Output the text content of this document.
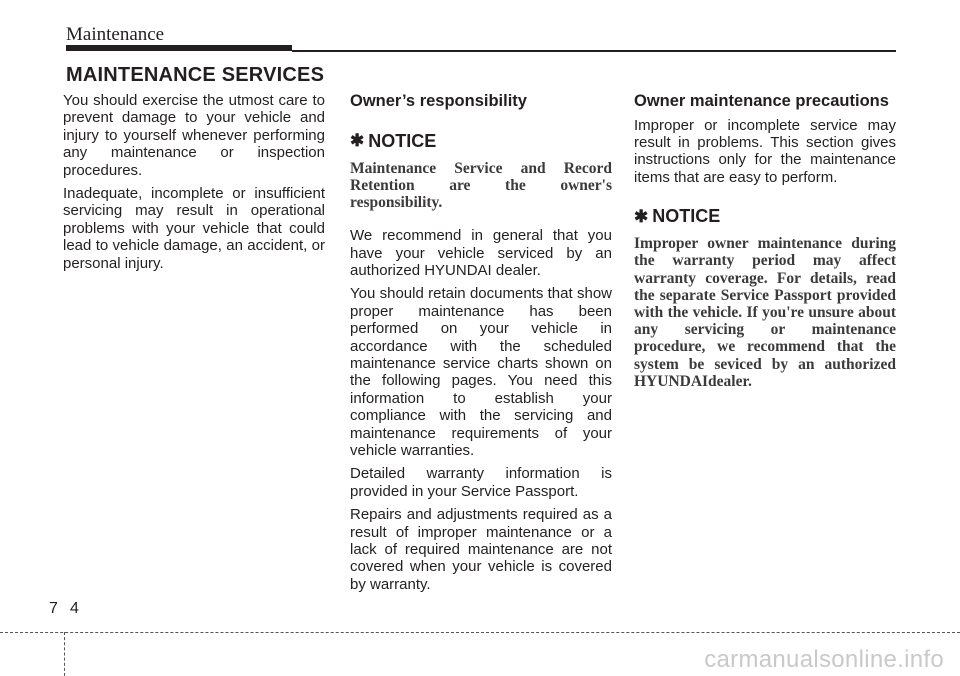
Maintenance
MAINTENANCE SERVICES

You should exercise the utmost care to prevent damage to your vehicle and injury to yourself whenever performing any maintenance or inspection procedures.

Inadequate, incomplete or insufficient servicing may result in operational problems with your vehicle that could lead to vehicle damage, an accident, or personal injury.

Owner’s responsibility
✱ NOTICE

Maintenance Service and Record Retention are the owner's responsibility.

We recommend in general that you have your vehicle serviced by an authorized HYUNDAI dealer.

You should retain documents that show proper maintenance has been performed on your vehicle in accordance with the scheduled maintenance service charts shown on the following pages. You need this information to establish your compliance with the servicing and maintenance requirements of your vehicle warranties.

Detailed warranty information is provided in your Service Passport.

Repairs and adjustments required as a result of improper maintenance or a lack of required maintenance are not covered when your vehicle is covered by warranty.

Owner maintenance precautions

Improper or incomplete service may result in problems. This section gives instructions only for the maintenance items that are easy to perform.

✱ NOTICE

Improper owner maintenance during the warranty period may affect warranty coverage. For details, read the separate Service Passport provided with the vehicle. If you're unsure about any servicing or maintenance procedure, we recommend that the system be seviced by an authorized HYUNDAIdealer.

7 4
carmanualsonline.info
